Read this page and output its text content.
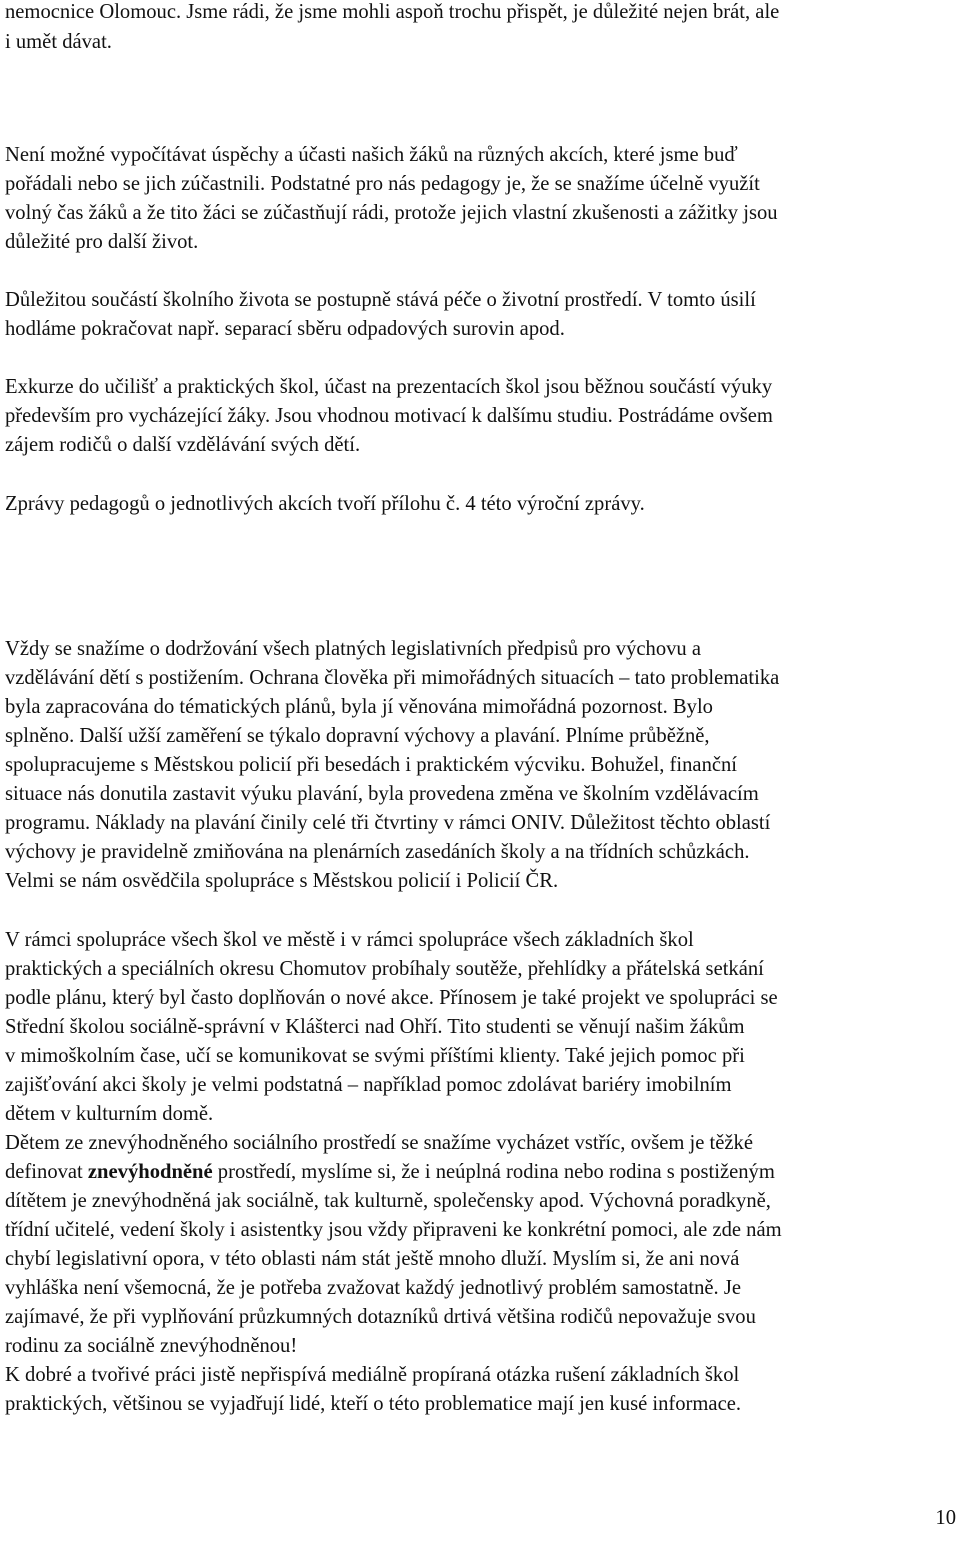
nemocnice Olomouc. Jsme rádi, že jsme mohli aspoň trochu přispět, je důležité nejen brát, ale
i umět dávat.
Není možné vypočítávat úspěchy a účasti našich žáků na různých akcích, které jsme buď
pořádali nebo se jich zúčastnili. Podstatné pro nás pedagogy je, že se snažíme účelně využít
volný čas žáků a že tito žáci se zúčastňují rádi, protože jejich vlastní zkušenosti a zážitky jsou
důležité pro další život.
Důležitou součástí školního života se postupně stává péče o životní prostředí. V tomto úsilí
hodláme pokračovat např. separací sběru odpadových surovin apod.
Exkurze do učilišť a praktických škol, účast na prezentacích škol jsou běžnou součástí výuky
především pro vycházející žáky. Jsou vhodnou motivací k dalšímu studiu. Postrádáme ovšem
zájem rodičů o další vzdělávání svých dětí.
Zprávy pedagogů o jednotlivých akcích tvoří přílohu č. 4 této výroční zprávy.
Vždy se snažíme o dodržování všech platných legislativních předpisů pro výchovu a
vzdělávání dětí s postižením. Ochrana člověka při mimořádných situacích – tato problematika
byla zapracována do tématických plánů, byla jí věnována mimořádná pozornost. Bylo
splněno. Další užší zaměření se týkalo dopravní výchovy a plavání. Plníme průběžně,
spolupracujeme s Městskou policií při besedách i praktickém výcviku. Bohužel, finanční
situace nás donutila zastavit výuku plavání, byla provedena změna ve školním vzdělávacím
programu. Náklady na plavání činily celé tři čtvrtiny v rámci ONIV. Důležitost těchto oblastí
výchovy je pravidelně zmiňována na plenárních zasedáních školy a na třídních schůzkách.
Velmi se nám osvědčila spolupráce s Městskou policií i Policií ČR.
V rámci spolupráce všech škol ve městě i v rámci spolupráce všech základních škol
praktických a speciálních okresu Chomutov probíhaly soutěže, přehlídky a přátelská setkání
podle plánu, který byl často doplňován o nové akce. Přínosem je také projekt ve spolupráci se
Střední školou sociálně-správní v Klášterci nad Ohří. Tito studenti se věnují našim žákům
v mimoškolním čase, učí se komunikovat se svými příštími klienty. Také jejich pomoc při
zajišťování akci školy je velmi podstatná – například pomoc zdolávat bariéry imobilním
dětem v kulturním domě.
Dětem ze znevýhodněného sociálního prostředí se snažíme vycházet vstříc, ovšem je těžké
definovat znevýhodněné prostředí, myslíme si, že i neúplná rodina nebo rodina s postiženým
dítětem je znevýhodněná jak sociálně, tak kulturně, společensky apod. Výchovná poradkyně,
třídní učitelé, vedení školy i asistentky jsou vždy připraveni ke konkrétní pomoci, ale zde nám
chybí legislativní opora, v této oblasti nám stát ještě mnoho dluží. Myslím si, že ani nová
vyhláška není všemocná, že je potřeba zvažovat každý jednotlivý problém samostatně. Je
zajímavé, že při vyplňování průzkumných dotazníků drtivá většina rodičů nepovažuje svou
rodinu za sociálně znevýhodněnou!
K dobré a tvořivé práci jistě nepřispívá mediálně propíraná otázka rušení základních škol
praktických, většinou se vyjadřují lidé, kteří o této problematice mají jen kusé informace.
10
